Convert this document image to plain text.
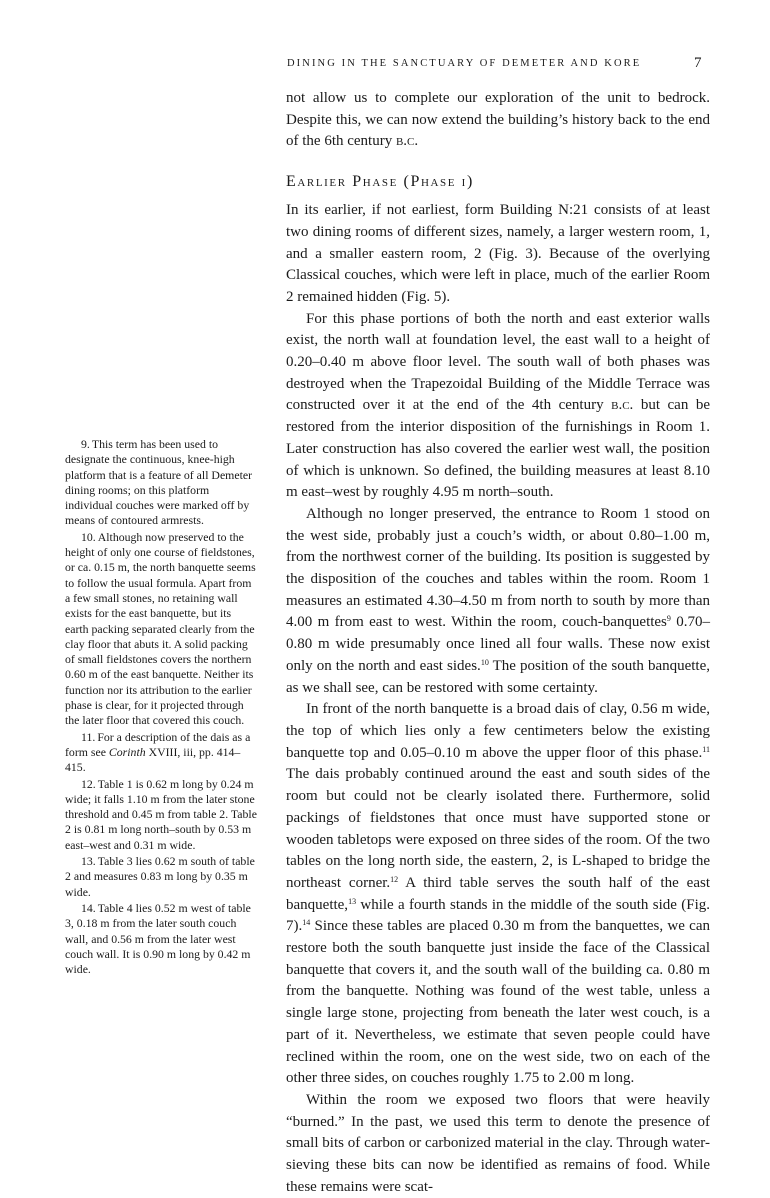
DINING IN THE SANCTUARY OF DEMETER AND KORE	7

not allow us to complete our exploration of the unit to bedrock. Despite this, we can now extend the building’s history back to the end of the 6th century b.c.

Earlier Phase (Phase i)

In its earlier, if not earliest, form Building N:21 consists of at least two dining rooms of different sizes, namely, a larger western room, 1, and a smaller eastern room, 2 (Fig. 3). Because of the overlying Classical couches, which were left in place, much of the earlier Room 2 remained hidden (Fig. 5).

For this phase portions of both the north and east exterior walls exist, the north wall at foundation level, the east wall to a height of 0.20–0.40 m above floor level. The south wall of both phases was destroyed when the Trapezoidal Building of the Middle Terrace was constructed over it at the end of the 4th century b.c. but can be restored from the interior disposition of the furnishings in Room 1. Later construction has also covered the earlier west wall, the position of which is unknown. So defined, the building measures at least 8.10 m east–west by roughly 4.95 m north–south.

Although no longer preserved, the entrance to Room 1 stood on the west side, probably just a couch’s width, or about 0.80–1.00 m, from the northwest corner of the building. Its position is suggested by the disposition of the couches and tables within the room. Room 1 measures an estimated 4.30–4.50 m from north to south by more than 4.00 m from east to west. Within the room, couch-banquettes$^9$ 0.70–0.80 m wide presumably once lined all four walls. These now exist only on the north and east sides.$^{10}$ The position of the south banquette, as we shall see, can be restored with some certainty.

In front of the north banquette is a broad dais of clay, 0.56 m wide, the top of which lies only a few centimeters below the existing banquette top and 0.05–0.10 m above the upper floor of this phase.$^{11}$ The dais probably continued around the east and south sides of the room but could not be clearly isolated there. Furthermore, solid packings of fieldstones that once must have supported stone or wooden tabletops were exposed on three sides of the room. Of the two tables on the long north side, the eastern, 2, is L-shaped to bridge the northeast corner.$^{12}$ A third table serves the south half of the east banquette,$^{13}$ while a fourth stands in the middle of the south side (Fig. 7).$^{14}$ Since these tables are placed 0.30 m from the banquettes, we can restore both the south banquette just inside the face of the Classical banquette that covers it, and the south wall of the building ca. 0.80 m from the banquette. Nothing was found of the west table, unless a single large stone, projecting from beneath the later west couch, is a part of it. Nevertheless, we estimate that seven people could have reclined within the room, one on the west side, two on each of the other three sides, on couches roughly 1.75 to 2.00 m long.

Within the room we exposed two floors that were heavily “burned.” In the past, we used this term to denote the presence of small bits of carbon or carbonized material in the clay. Through water-sieving these bits can now be identified as remains of food. While these remains were scat-

9. This term has been used to designate the continuous, knee-high platform that is a feature of all Demeter dining rooms; on this platform individual couches were marked off by means of contoured armrests.

10. Although now preserved to the height of only one course of fieldstones, or ca. 0.15 m, the north banquette seems to follow the usual formula. Apart from a few small stones, no retaining wall exists for the east banquette, but its earth packing separated clearly from the clay floor that abuts it. A solid packing of small fieldstones covers the northern 0.60 m of the east banquette. Neither its function nor its attribution to the earlier phase is clear, for it projected through the later floor that covered this couch.

11. For a description of the dais as a form see Corinth XVIII, iii, pp. 414–415.

12. Table 1 is 0.62 m long by 0.24 m wide; it falls 1.10 m from the later stone threshold and 0.45 m from table 2. Table 2 is 0.81 m long north–south by 0.53 m east–west and 0.31 m wide.

13. Table 3 lies 0.62 m south of table 2 and measures 0.83 m long by 0.35 m wide.

14. Table 4 lies 0.52 m west of table 3, 0.18 m from the later south couch wall, and 0.56 m from the later west couch wall. It is 0.90 m long by 0.42 m wide.
